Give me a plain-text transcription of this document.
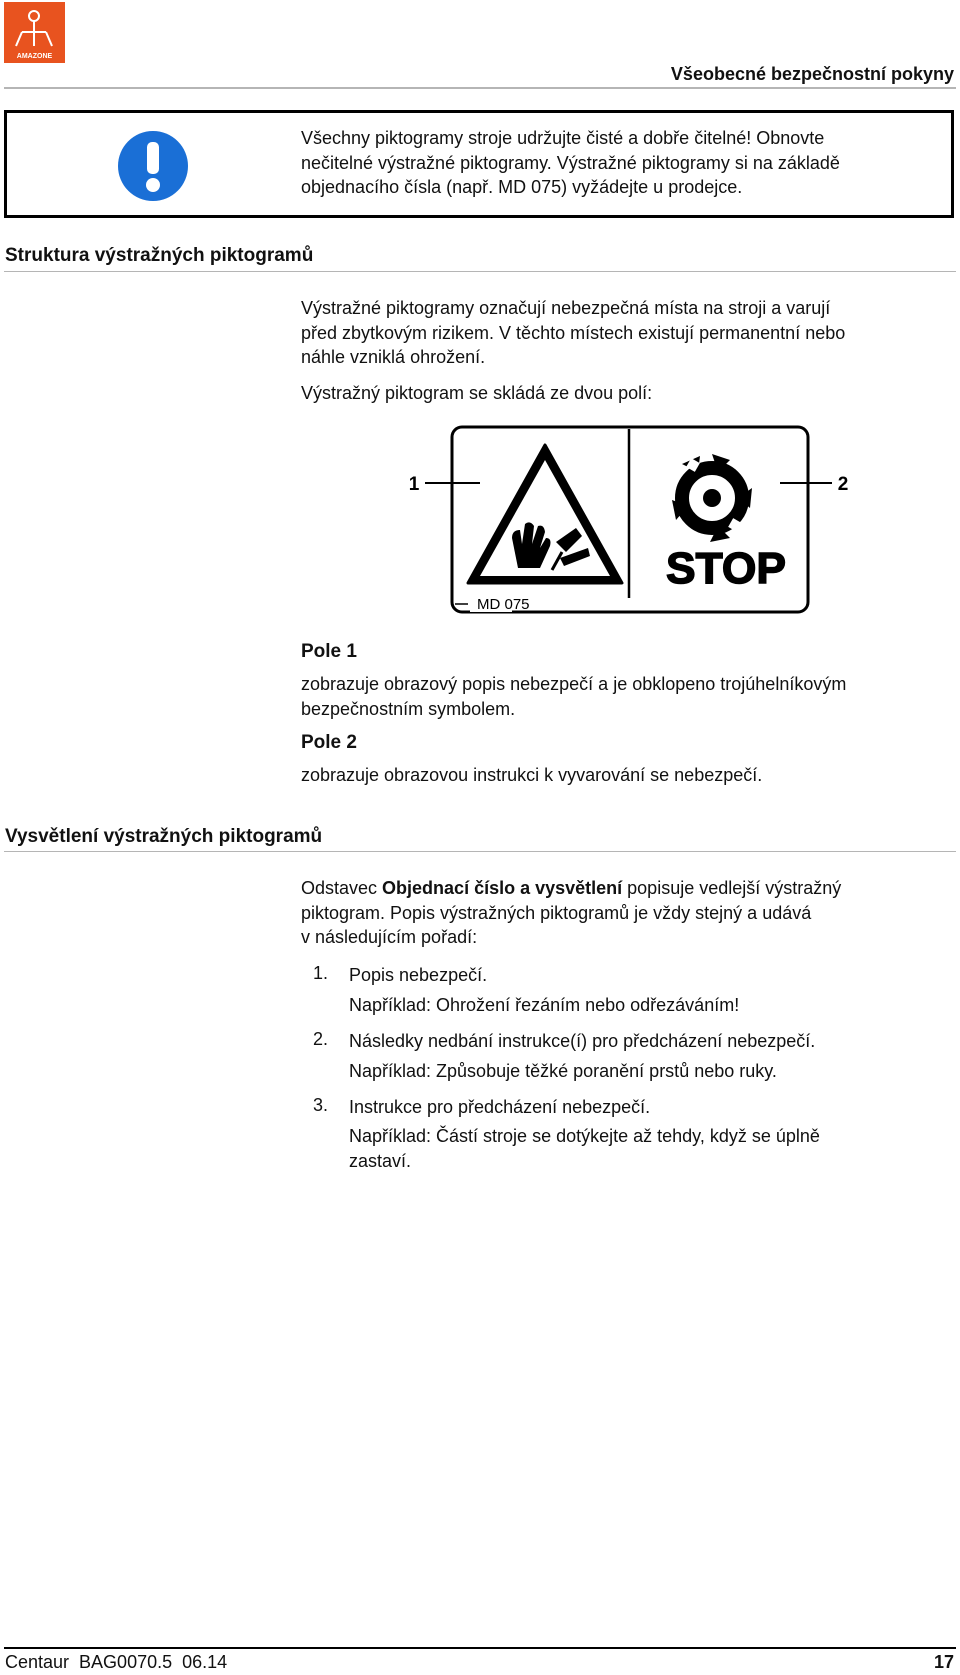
AMAZONE
Všeobecné bezpečnostní pokyny
Všechny piktogramy stroje udržujte čisté a dobře čitelné! Obnovte
nečitelné výstražné piktogramy. Výstražné piktogramy si na základě
objednacího čísla (např. MD 075) vyžádejte u prodejce.
Struktura výstražných piktogramů
Výstražné piktogramy označují nebezpečná místa na stroji a varují
před zbytkovým rizikem. V těchto místech existují permanentní nebo
náhle vzniklá ohrožení.
Výstražný piktogram se skládá ze dvou polí:
1	2
STOP
MD 075
Pole 1
zobrazuje obrazový popis nebezpečí a je obklopeno trojúhelníkovým
bezpečnostním symbolem.
Pole 2
zobrazuje obrazovou instrukci k vyvarování se nebezpečí.
Vysvětlení výstražných piktogramů
Odstavec Objednací číslo a vysvětlení popisuje vedlejší výstražný
piktogram. Popis výstražných piktogramů je vždy stejný a udává
v následujícím pořadí:
1. Popis nebezpečí.
Například: Ohrožení řezáním nebo odřezáváním!
2. Následky nedbání instrukce(í) pro předcházení nebezpečí.
Například: Způsobuje těžké poranění prstů nebo ruky.
3. Instrukce pro předcházení nebezpečí.
Například: Částí stroje se dotýkejte až tehdy, když se úplně
zastaví.
Centaur  BAG0070.5  06.14	17
